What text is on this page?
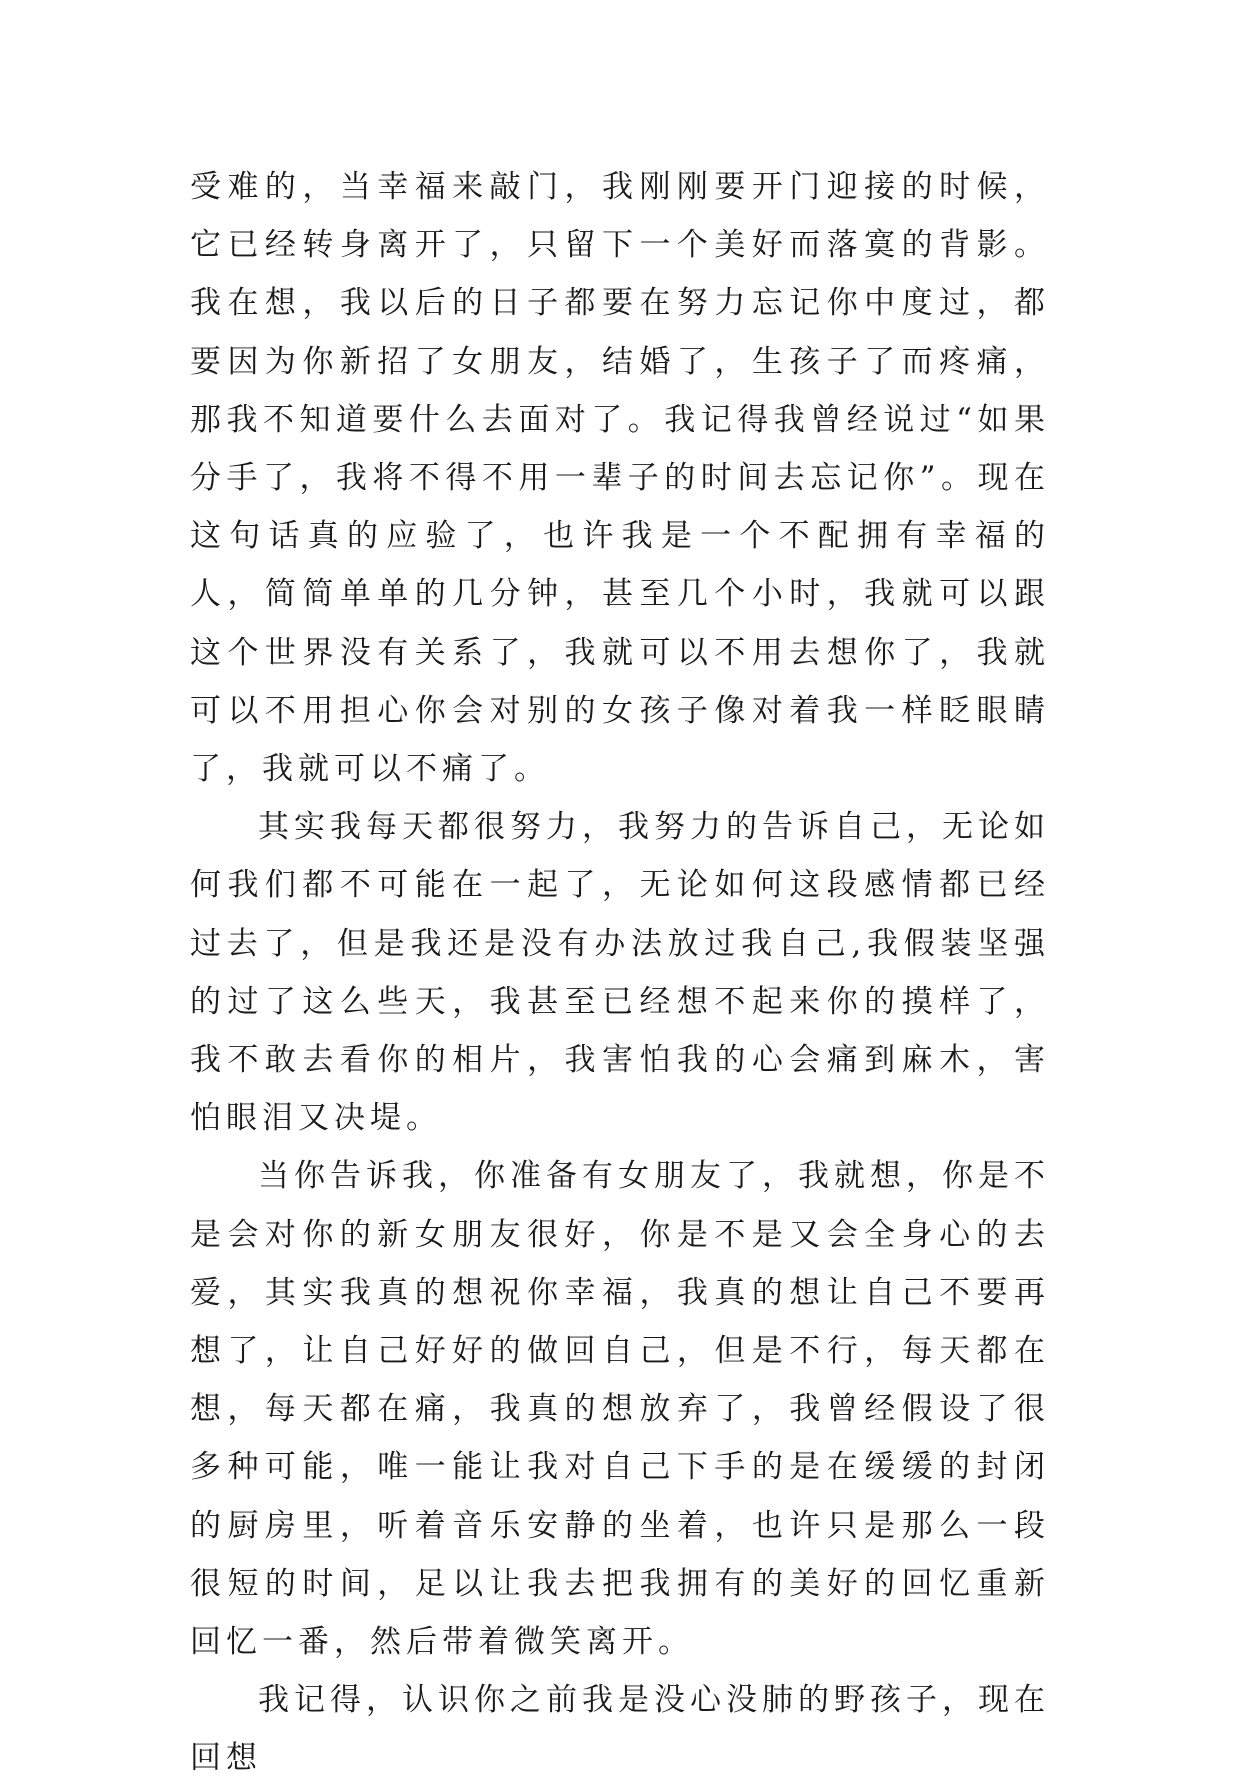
受难的，当幸福来敲门，我刚刚要开门迎接的时候，它已经转身离开了，只留下一个美好而落寞的背影。我在想，我以后的日子都要在努力忘记你中度过，都要因为你新招了女朋友，结婚了，生孩子了而疼痛，那我不知道要什么去面对了。我记得我曾经说过“如果分手了，我将不得不用一辈子的时间去忘记你”。现在这句话真的应验了，也许我是一个不配拥有幸福的人，简简单单的几分钟，甚至几个小时，我就可以跟这个世界没有关系了，我就可以不用去想你了，我就可以不用担心你会对别的女孩子像对着我一样眨眼睛了，我就可以不痛了。

其实我每天都很努力，我努力的告诉自己，无论如何我们都不可能在一起了，无论如何这段感情都已经过去了，但是我还是没有办法放过我自己,我假装坚强的过了这么些天，我甚至已经想不起来你的摸样了，我不敢去看你的相片，我害怕我的心会痛到麻木，害怕眼泪又决堤。

当你告诉我，你准备有女朋友了，我就想，你是不是会对你的新女朋友很好，你是不是又会全身心的去爱，其实我真的想祝你幸福，我真的想让自己不要再想了，让自己好好的做回自己，但是不行，每天都在想，每天都在痛，我真的想放弃了，我曾经假设了很多种可能，唯一能让我对自己下手的是在缓缓的封闭的厨房里，听着音乐安静的坐着，也许只是那么一段很短的时间，足以让我去把我拥有的美好的回忆重新回忆一番，然后带着微笑离开。

我记得，认识你之前我是没心没肺的野孩子，现在回想
